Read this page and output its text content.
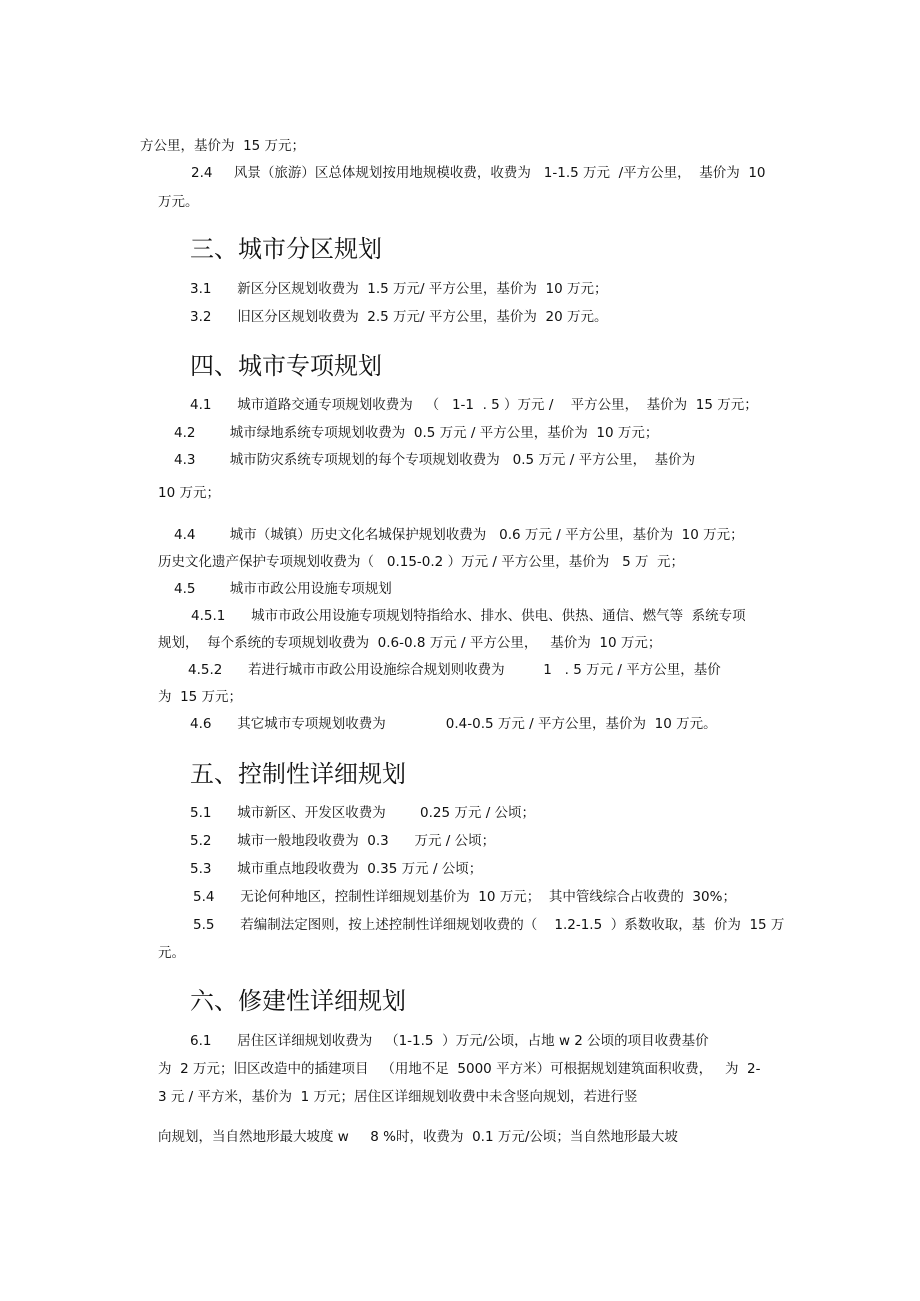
方公里，基价为  15 万元；
2.4     风景（旅游）区总体规划按用地规模收费，收费为   1-1.5 万元  /平方公里，  基价为  10
万元。
三、城市分区规划
3.1      新区分区规划收费为  1.5 万元/ 平方公里，基价为  10 万元；
3.2      旧区分区规划收费为  2.5 万元/ 平方公里，基价为  20 万元。
四、城市专项规划
4.1      城市道路交通专项规划收费为   （   1-1  . 5 ）万元 /    平方公里，  基价为  15 万元；
4.2        城市绿地系统专项规划收费为  0.5 万元 / 平方公里，基价为  10 万元；
4.3        城市防灾系统专项规划的每个专项规划收费为   0.5 万元 / 平方公里，  基价为
10 万元；
4.4        城市（城镇）历史文化名城保护规划收费为   0.6 万元 / 平方公里，基价为  10 万元；
历史文化遗产保护专项规划收费为（   0.15-0.2 ）万元 / 平方公里，基价为   5 万  元；
4.5        城市市政公用设施专项规划
4.5.1      城市市政公用设施专项规划特指给水、排水、供电、供热、通信、燃气等  系统专项
规划，  每个系统的专项规划收费为  0.6-0.8 万元 / 平方公里，   基价为  10 万元；
4.5.2      若进行城市市政公用设施综合规划则收费为         1   . 5 万元 / 平方公里，基价
为  15 万元；
4.6      其它城市专项规划收费为              0.4-0.5 万元 / 平方公里，基价为  10 万元。
五、控制性详细规划
5.1      城市新区、开发区收费为        0.25 万元 / 公顷；
5.2      城市一般地段收费为  0.3      万元 / 公顷；
5.3      城市重点地段收费为  0.35 万元 / 公顷；
5.4      无论何种地区，控制性详细规划基价为  10 万元；  其中管线综合占收费的  30%；
5.5      若编制法定图则，按上述控制性详细规划收费的（    1.2-1.5  ）系数收取，基  价为  15 万
元。
六、修建性详细规划
6.1      居住区详细规划收费为   （1-1.5  ）万元/公顷，占地 w 2 公顷的项目收费基价
为  2 万元；旧区改造中的插建项目   （用地不足  5000 平方米）可根据规划建筑面积收费，   为  2-
3 元 / 平方米，基价为  1 万元；居住区详细规划收费中未含竖向规划，若进行竖
向规划，当自然地形最大坡度 w     8 %时，收费为  0.1 万元/公顷；当自然地形最大坡
